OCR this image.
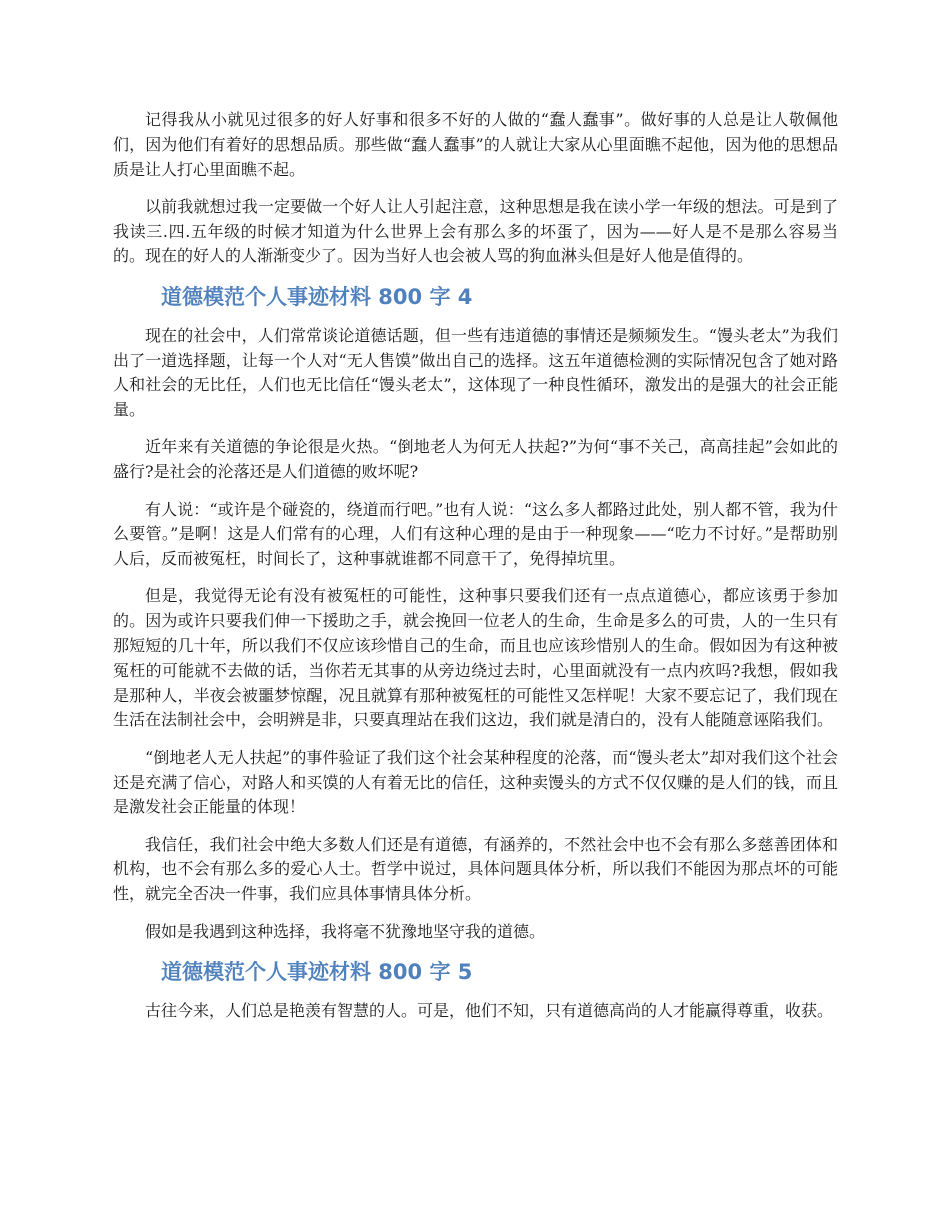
记得我从小就见过很多的好人好事和很多不好的人做的“蠢人蠢事”。做好事的人总是让人敬佩他们，因为他们有着好的思想品质。那些做“蠢人蠢事”的人就让大家从心里面瞧不起他，因为他的思想品质是让人打心里面瞧不起。

以前我就想过我一定要做一个好人让人引起注意，这种思想是我在读小学一年级的想法。可是到了我读三.四.五年级的时候才知道为什么世界上会有那么多的坏蛋了，因为——好人是不是那么容易当的。现在的好人的人渐渐变少了。因为当好人也会被人骂的狗血淋头但是好人他是值得的。

道德模范个人事迹材料 800 字 4

现在的社会中，人们常常谈论道德话题，但一些有违道德的事情还是频频发生。“馒头老太”为我们出了一道选择题，让每一个人对“无人售馍”做出自己的选择。这五年道德检测的实际情况包含了她对路人和社会的无比任，人们也无比信任“馒头老太”，这体现了一种良性循环，激发出的是强大的社会正能量。

近年来有关道德的争论很是火热。“倒地老人为何无人扶起?”为何“事不关己，高高挂起”会如此的盛行?是社会的沦落还是人们道德的败坏呢?

有人说：“或许是个碰瓷的，绕道而行吧。”也有人说：“这么多人都路过此处，别人都不管，我为什么要管。”是啊！这是人们常有的心理，人们有这种心理的是由于一种现象——“吃力不讨好。”是帮助别人后，反而被冤枉，时间长了，这种事就谁都不同意干了，免得掉坑里。

但是，我觉得无论有没有被冤枉的可能性，这种事只要我们还有一点点道德心，都应该勇于参加的。因为或许只要我们伸一下援助之手，就会挽回一位老人的生命，生命是多么的可贵，人的一生只有那短短的几十年，所以我们不仅应该珍惜自己的生命，而且也应该珍惜别人的生命。假如因为有这种被冤枉的可能就不去做的话，当你若无其事的从旁边绕过去时，心里面就没有一点内疚吗?我想，假如我是那种人，半夜会被噩梦惊醒，况且就算有那种被冤枉的可能性又怎样呢！大家不要忘记了，我们现在生活在法制社会中，会明辨是非，只要真理站在我们这边，我们就是清白的，没有人能随意诬陷我们。

“倒地老人无人扶起”的事件验证了我们这个社会某种程度的沦落，而“馒头老太”却对我们这个社会还是充满了信心，对路人和买馍的人有着无比的信任，这种卖馒头的方式不仅仅赚的是人们的钱，而且是激发社会正能量的体现！

我信任，我们社会中绝大多数人们还是有道德，有涵养的，不然社会中也不会有那么多慈善团体和机构，也不会有那么多的爱心人士。哲学中说过，具体问题具体分析，所以我们不能因为那点坏的可能性，就完全否决一件事，我们应具体事情具体分析。

假如是我遇到这种选择，我将毫不犹豫地坚守我的道德。

道德模范个人事迹材料 800 字 5

古往今来，人们总是艳羡有智慧的人。可是，他们不知，只有道德高尚的人才能赢得尊重，收获。
